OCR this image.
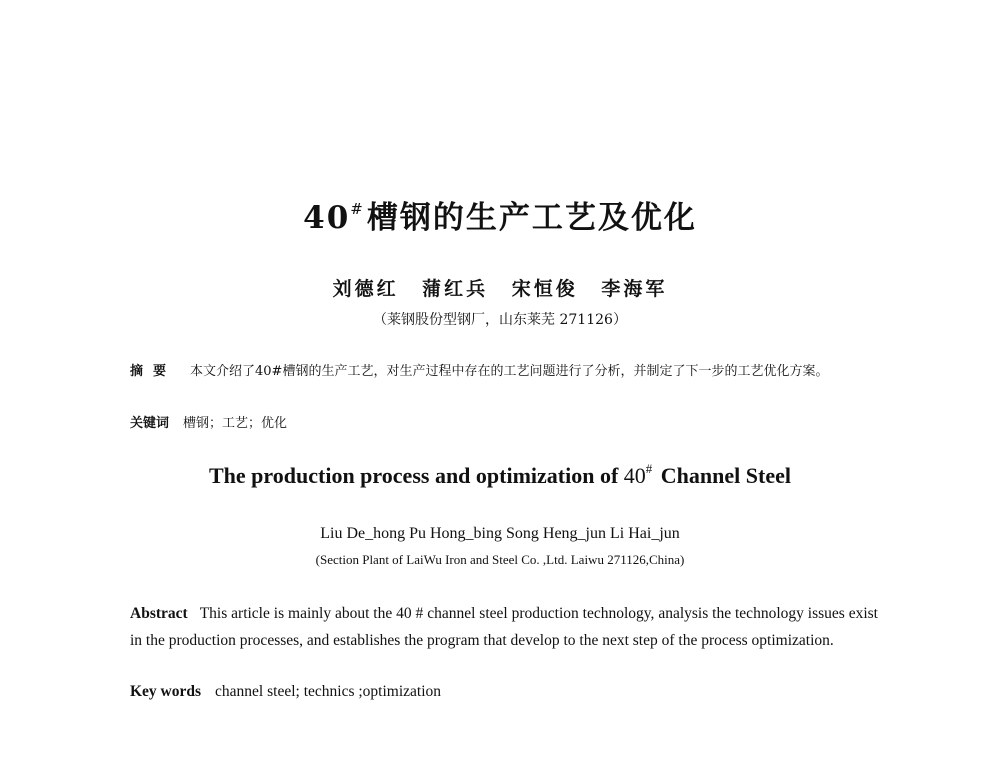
40#槽钢的生产工艺及优化
刘德红 蒲红兵 宋恒俊 李海军
（莱钢股份型钢厂，山东莱芜 271126）
摘要 本文介绍了40#槽钢的生产工艺，对生产过程中存在的工艺问题进行了分析，并制定了下一步的工艺优化方案。
关键词 槽钢；工艺；优化
The production process and optimization of 40# Channel Steel
Liu De_hong Pu Hong_bing Song Heng_jun Li Hai_jun
(Section Plant of LaiWu Iron and Steel Co. ,Ltd. Laiwu 271126,China)
Abstract This article is mainly about the 40 # channel steel production technology, analysis the technology issues exist in the production processes, and establishes the program that develop to the next step of the process optimization.
Key words channel steel; technics ;optimization
